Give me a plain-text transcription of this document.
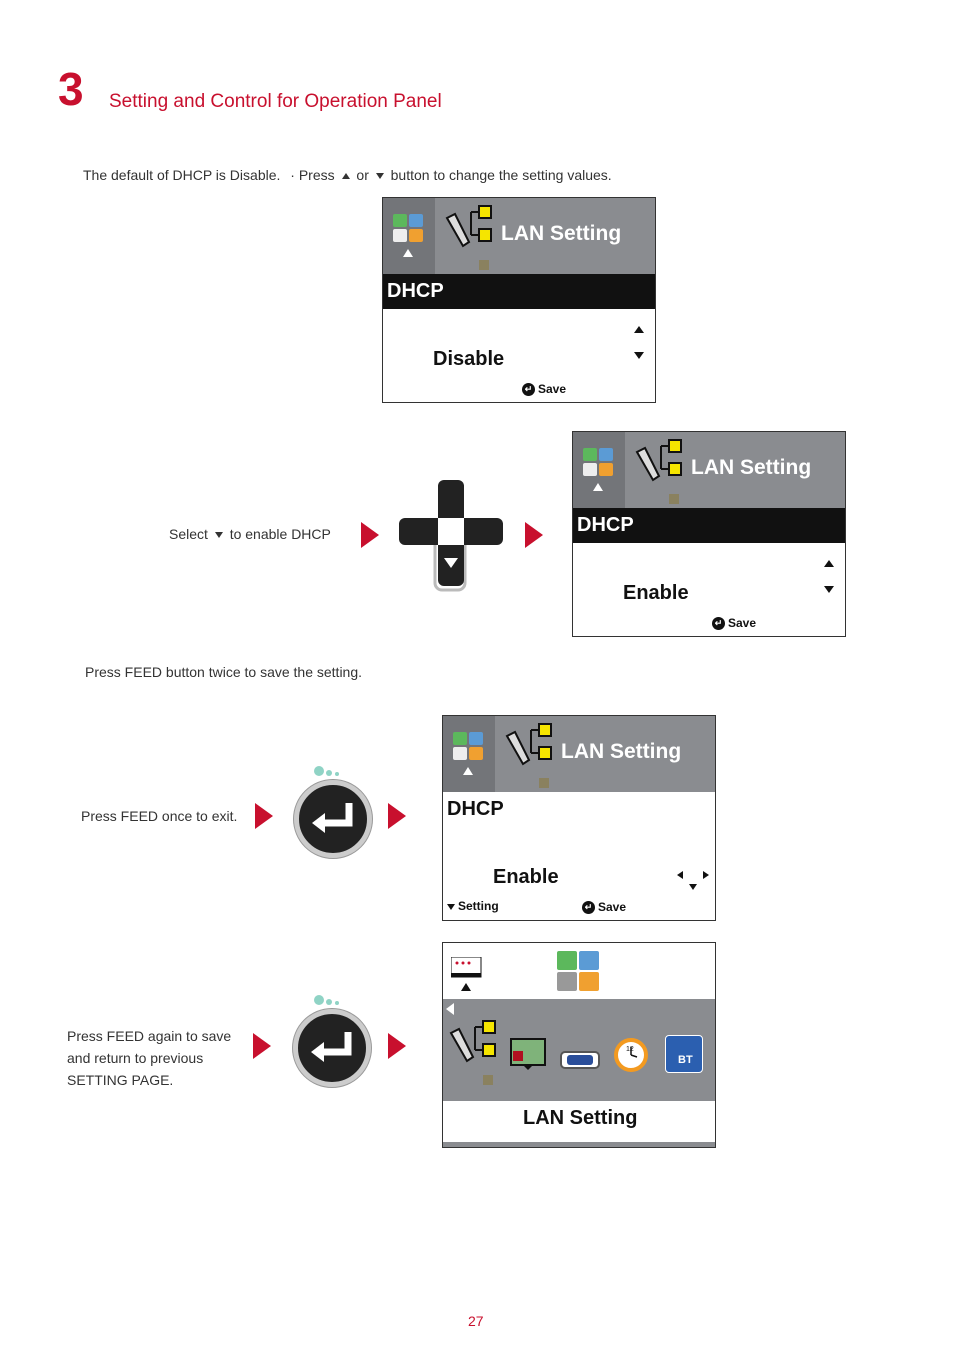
3 Setting and Control for Operation Panel
The default of DHCP is Disable. · Press or button to change the setting values.
LAN Setting
DHCP
Disable
↵ Save
Select to enable DHCP
LAN Setting
DHCP
Enable
↵ Save
Press FEED button twice to save the setting.
Press FEED once to exit.
LAN Setting
DHCP
Enable
Setting	↵ Save
Press FEED again to save
and return to previous
SETTING PAGE.
12
BT
LAN Setting
27
